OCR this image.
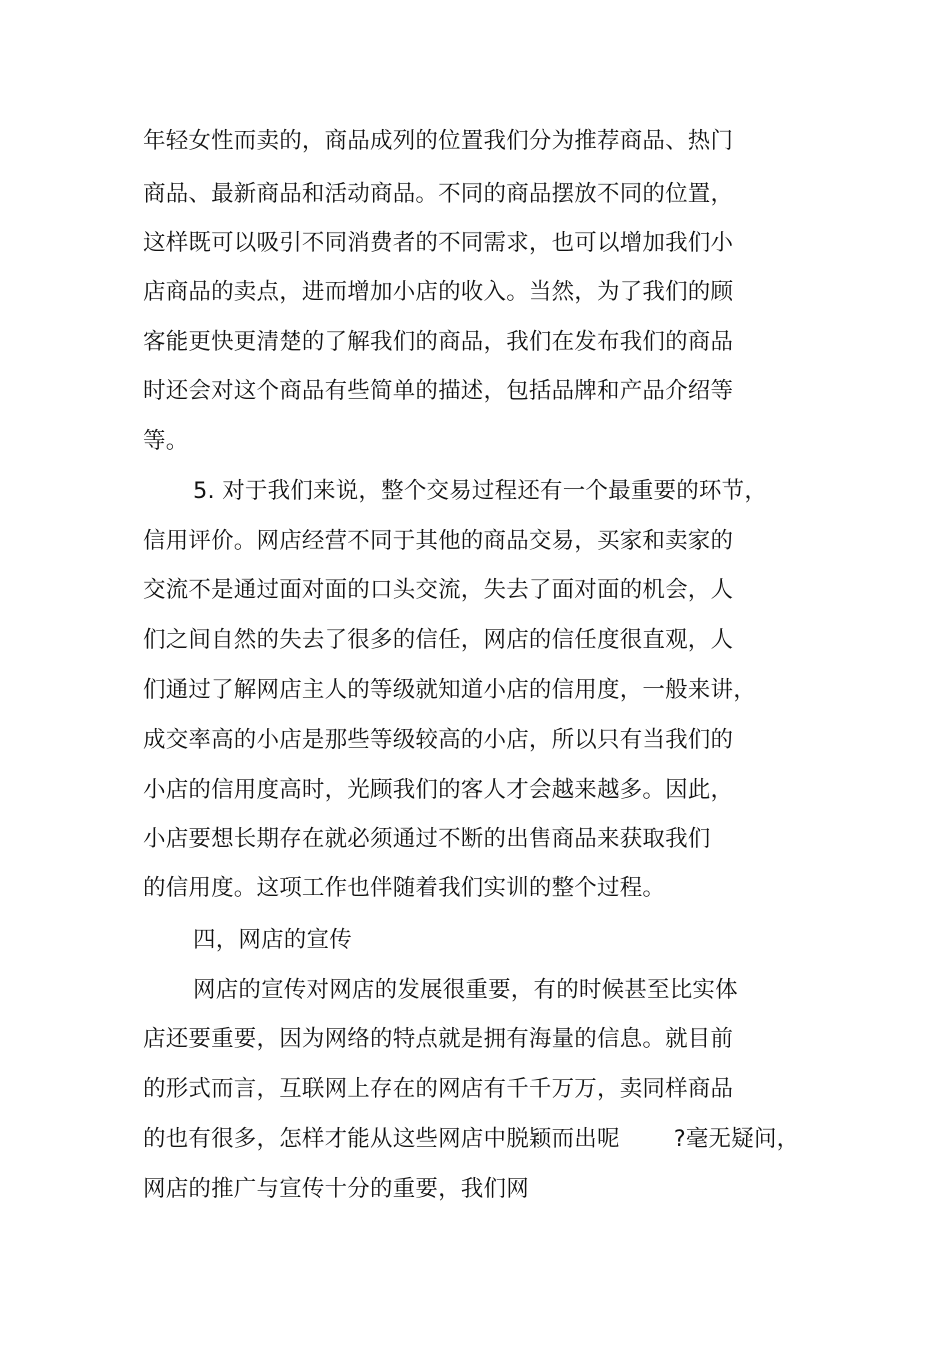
年轻女性而卖的，商品成列的位置我们分为推荐商品、热门
商品、最新商品和活动商品。不同的商品摆放不同的位置，
这样既可以吸引不同消费者的不同需求，也可以增加我们小
店商品的卖点，进而增加小店的收入。当然，为了我们的顾
客能更快更清楚的了解我们的商品，我们在发布我们的商品
时还会对这个商品有些简单的描述，包括品牌和产品介绍等
等。
5. 对于我们来说，整个交易过程还有一个最重要的环节，
信用评价。网店经营不同于其他的商品交易，买家和卖家的
交流不是通过面对面的口头交流，失去了面对面的机会，人
们之间自然的失去了很多的信任，网店的信任度很直观，人
们通过了解网店主人的等级就知道小店的信用度，一般来讲，
成交率高的小店是那些等级较高的小店，所以只有当我们的
小店的信用度高时，光顾我们的客人才会越来越多。因此，
小店要想长期存在就必须通过不断的出售商品来获取我们
的信用度。这项工作也伴随着我们实训的整个过程。
四，网店的宣传
网店的宣传对网店的发展很重要，有的时候甚至比实体
店还要重要，因为网络的特点就是拥有海量的信息。就目前
的形式而言，互联网上存在的网店有千千万万，卖同样商品
的也有很多，怎样才能从这些网店中脱颖而出呢 ?毫无疑问，
网店的推广与宣传十分的重要，我们网
